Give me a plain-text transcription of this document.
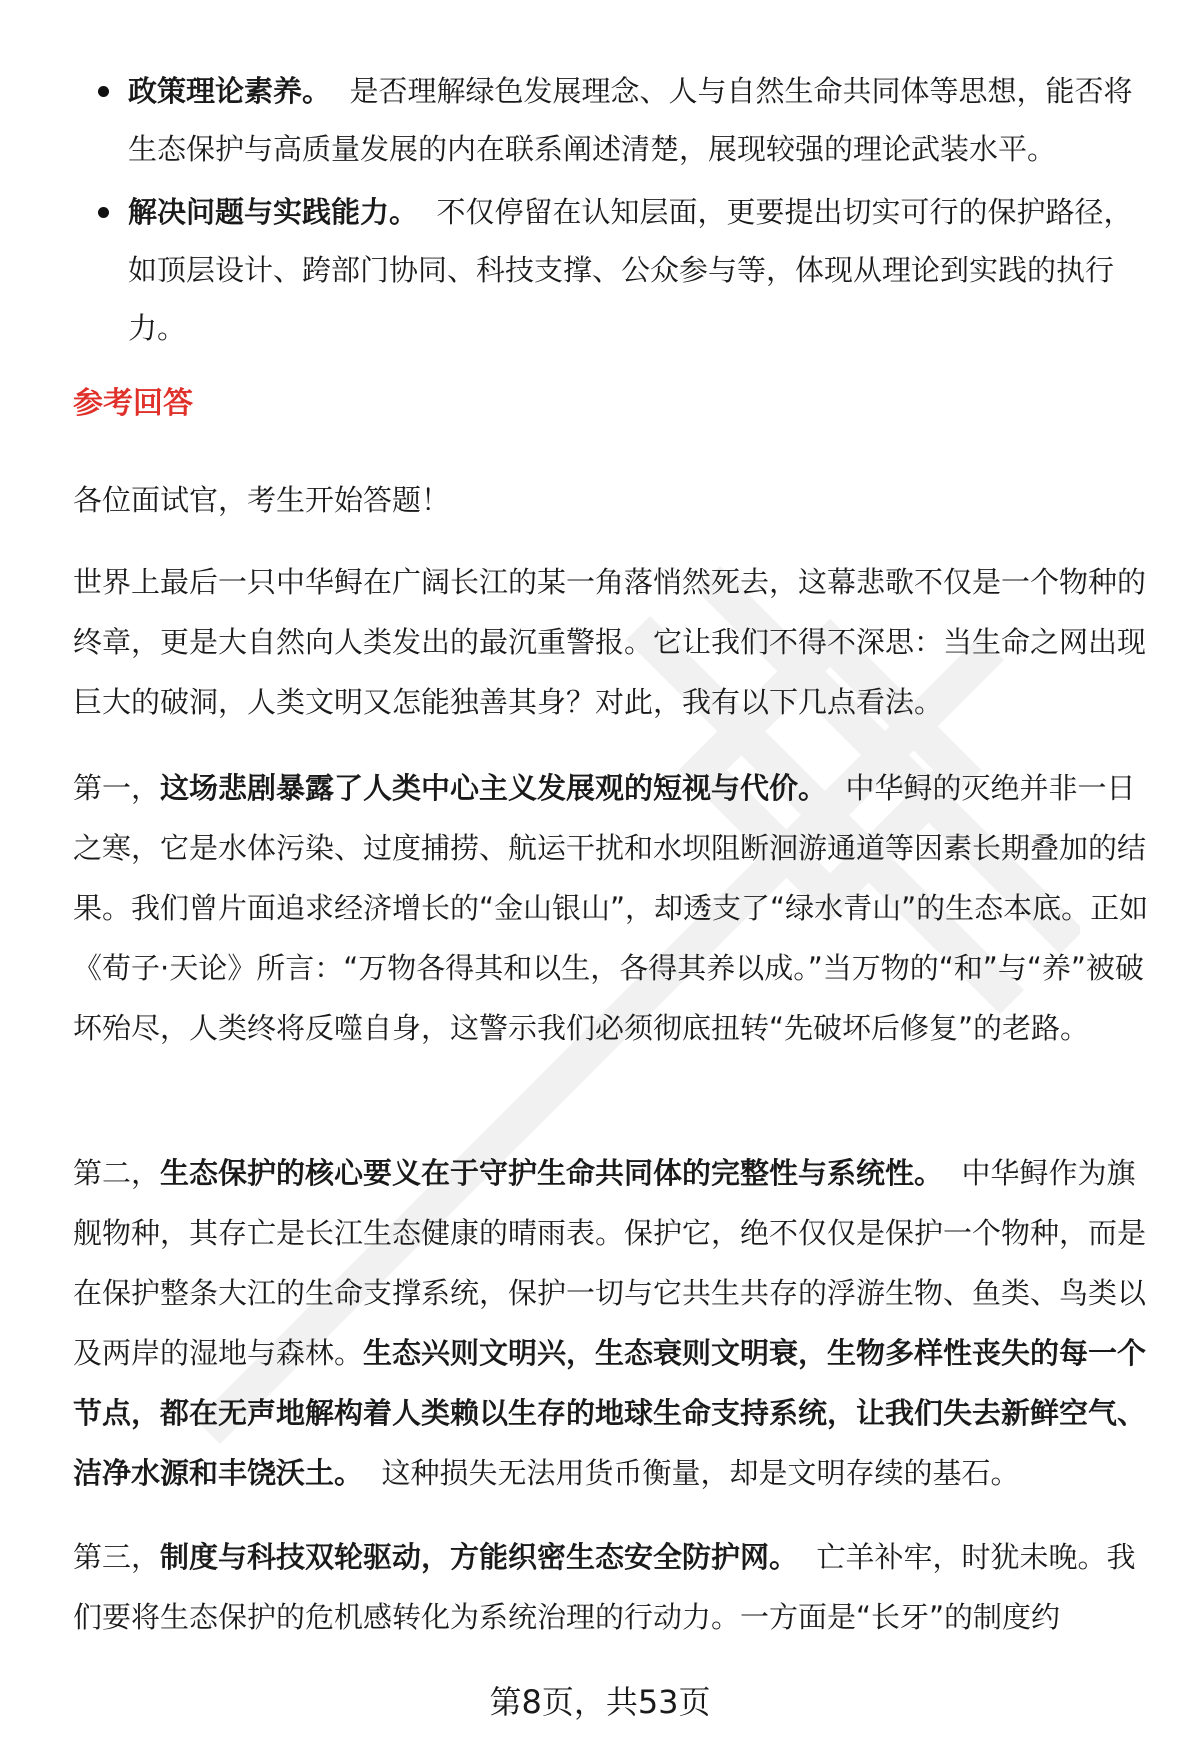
政策理论素养。 是否理解绿色发展理念、人与自然生命共同体等思想，能否将生态保护与高质量发展的内在联系阐述清楚，展现较强的理论武装水平。
解决问题与实践能力。 不仅停留在认知层面，更要提出切实可行的保护路径，如顶层设计、跨部门协同、科技支撑、公众参与等，体现从理论到实践的执行力。
参考回答

各位面试官，考生开始答题！

世界上最后一只中华鲟在广阔长江的某一角落悄然死去，这幕悲歌不仅是一个物种的终章，更是大自然向人类发出的最沉重警报。它让我们不得不深思：当生命之网出现巨大的破洞，人类文明又怎能独善其身？对此，我有以下几点看法。

第一，这场悲剧暴露了人类中心主义发展观的短视与代价。 中华鲟的灭绝并非一日之寒，它是水体污染、过度捕捞、航运干扰和水坝阻断洄游通道等因素长期叠加的结果。我们曾片面追求经济增长的“金山银山”，却透支了“绿水青山”的生态本底。正如《荀子·天论》所言：“万物各得其和以生，各得其养以成。”当万物的“和”与“养”被破坏殆尽，人类终将反噬自身，这警示我们必须彻底扭转“先破坏后修复”的老路。

第二，生态保护的核心要义在于守护生命共同体的完整性与系统性。 中华鲟作为旗舰物种，其存亡是长江生态健康的晴雨表。保护它，绝不仅仅是保护一个物种，而是在保护整条大江的生命支撑系统，保护一切与它共生共存的浮游生物、鱼类、鸟类以及两岸的湿地与森林。生态兴则文明兴，生态衰则文明衰，生物多样性丧失的每一个节点，都在无声地解构着人类赖以生存的地球生命支持系统，让我们失去新鲜空气、洁净水源和丰饶沃土。 这种损失无法用货币衡量，却是文明存续的基石。

第三，制度与科技双轮驱动，方能织密生态安全防护网。 亡羊补牢，时犹未晚。我们要将生态保护的危机感转化为系统治理的行动力。一方面是“长牙”的制度约

第8页，共53页
